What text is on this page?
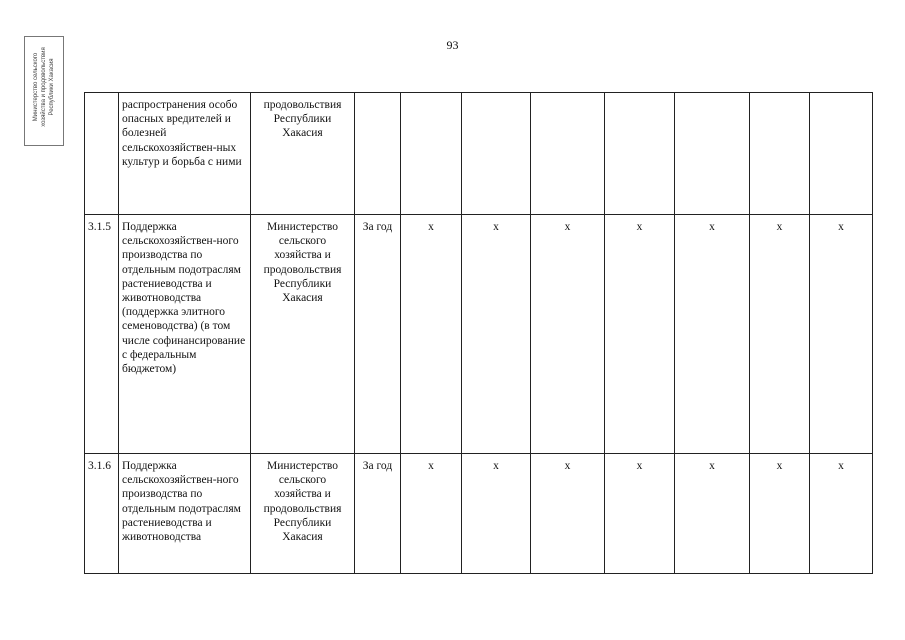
93
Министерство сельского хозяйства и продовольствия Республики Хакасия
		распространения особо опасных вредителей и болезней сельскохозяйствен-ных культур и борьба с ними	продовольствия Республики Хакасия								
3.1.5	Поддержка сельскохозяйствен-ного производства по отдельным подотраслям растениеводства и животноводства (поддержка элитного семеноводства) (в том числе софинансирование с федеральным бюджетом)	Министерство сельского хозяйства и продовольствия Республики Хакасия	За год	х	х	х	х	х	х	х
3.1.6	Поддержка сельскохозяйствен-ного производства по отдельным подотраслям растениеводства и животноводства	Министерство сельского хозяйства и продовольствия Республики Хакасия	За год	х	х	х	х	х	х	х
